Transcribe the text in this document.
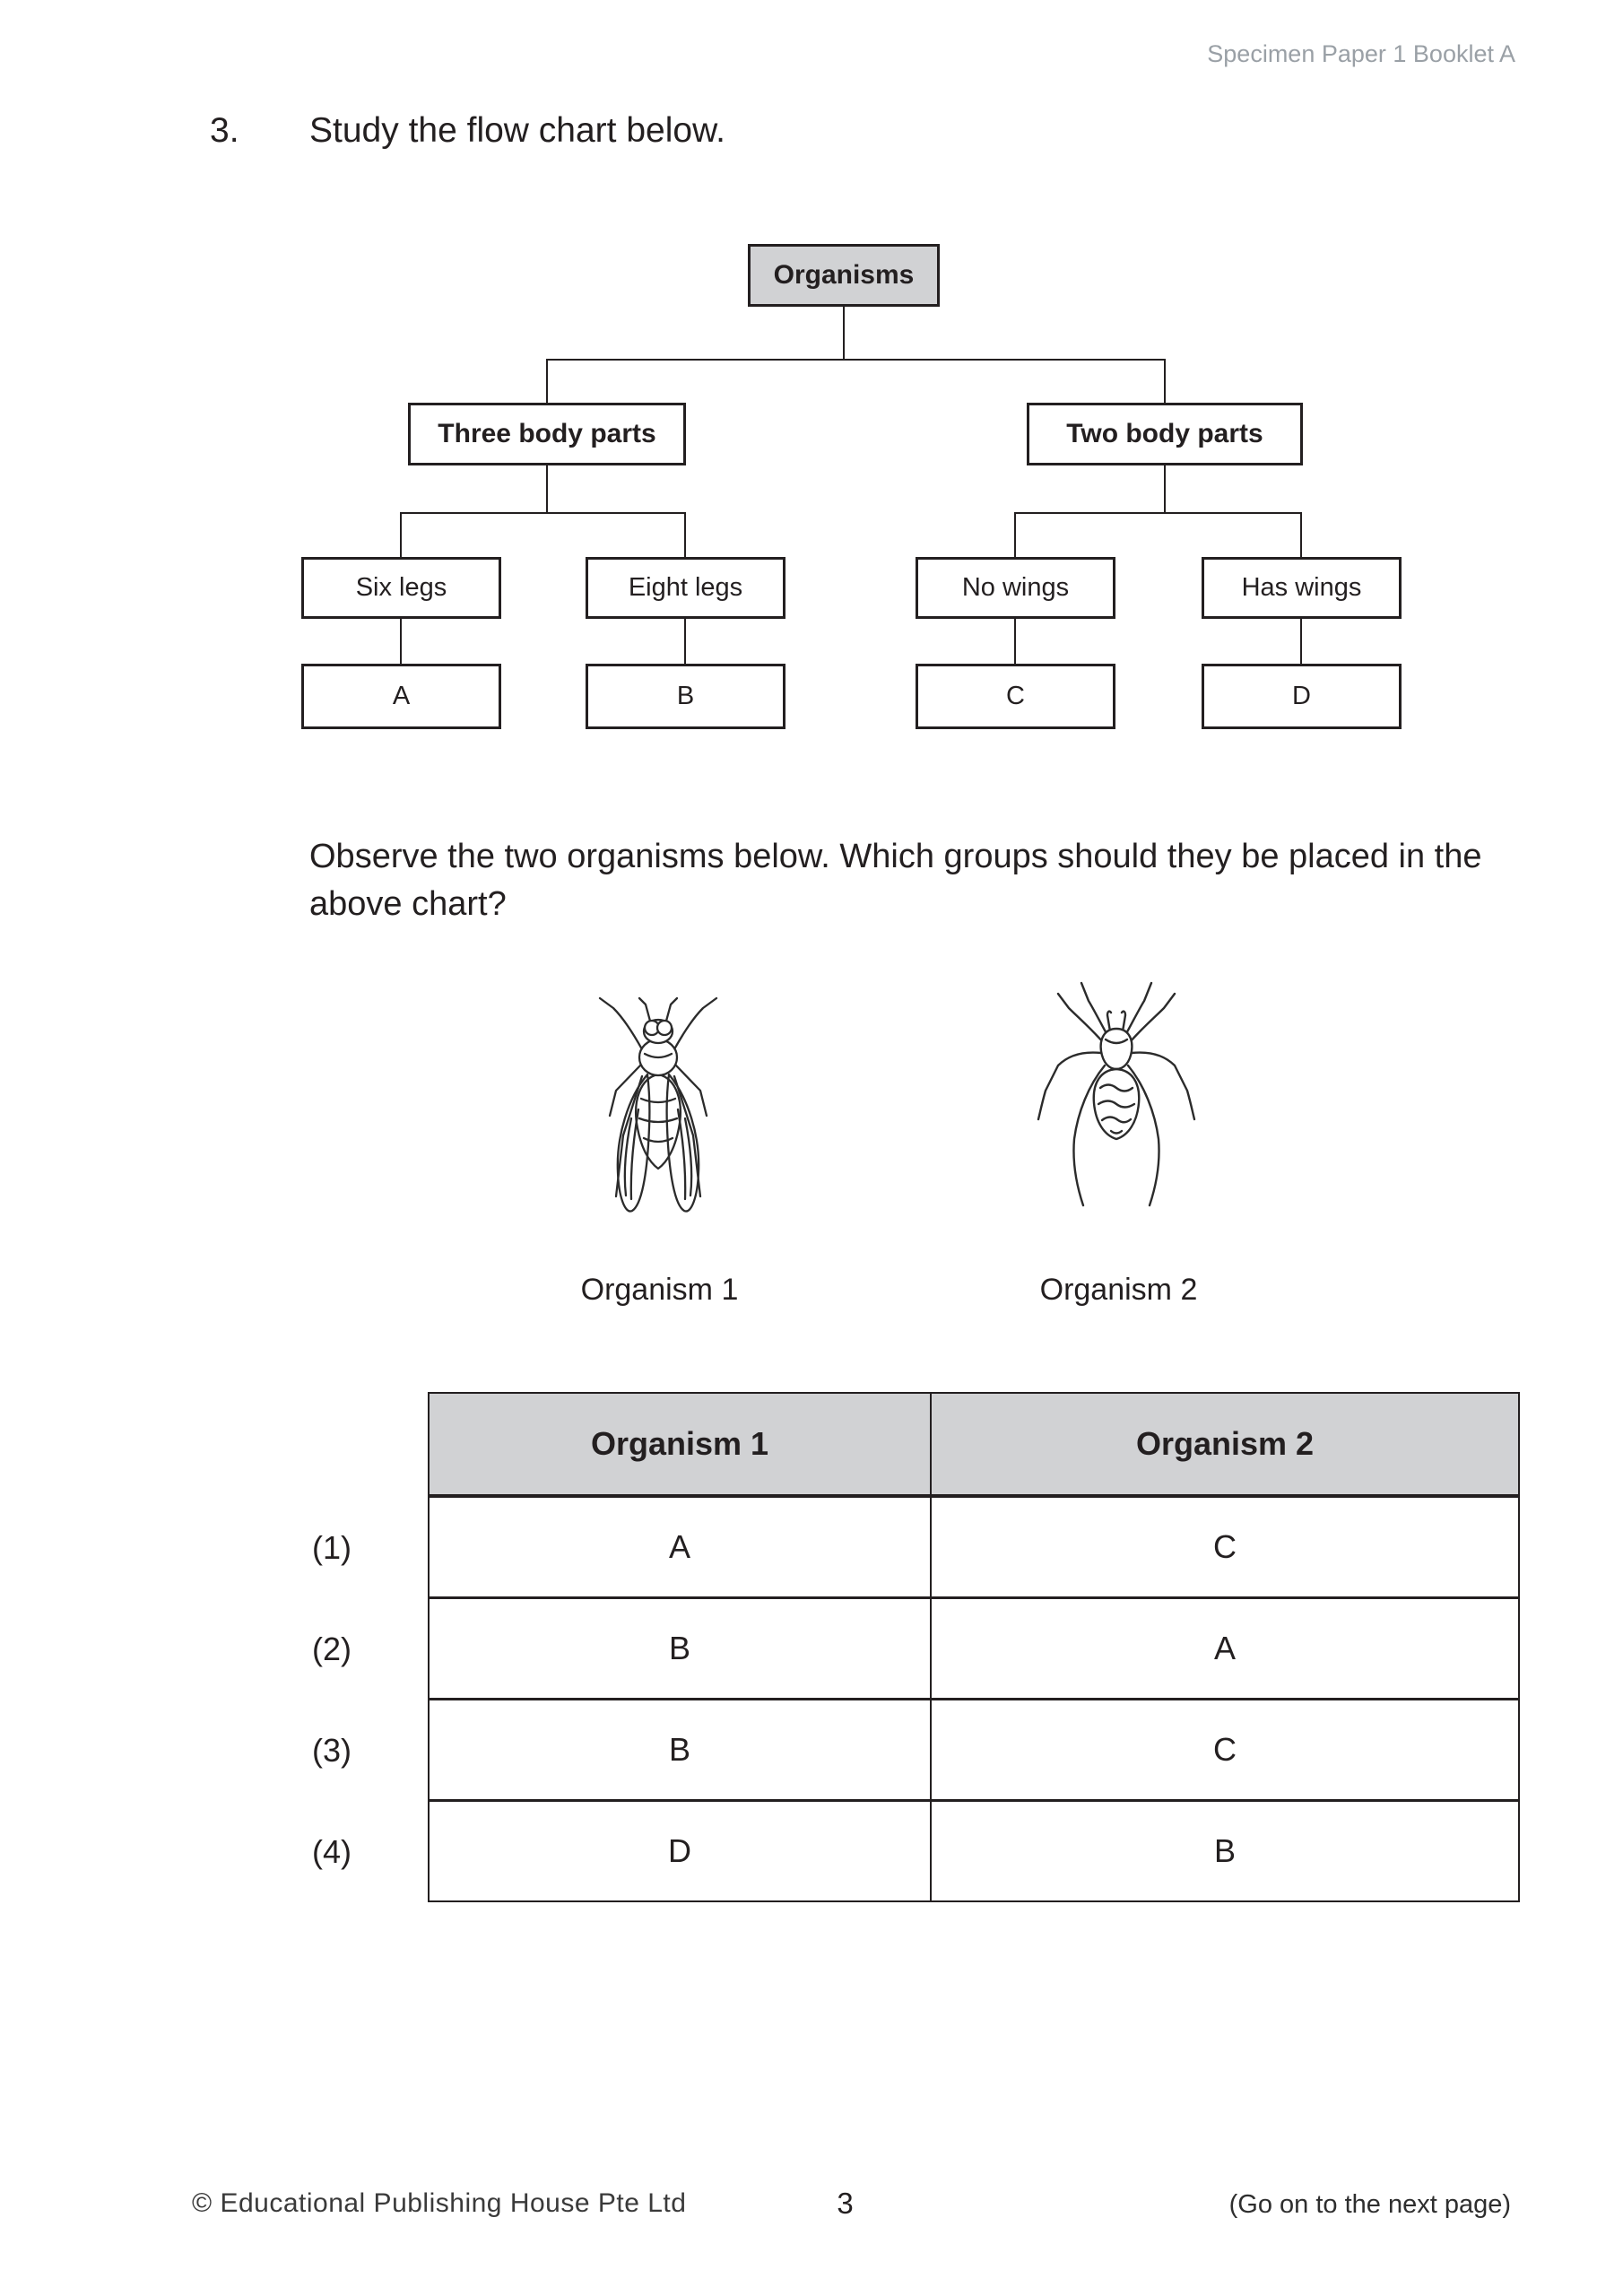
Specimen Paper 1 Booklet A
3. Study the flow chart below.
Organisms
Three body parts	Two body parts
Six legs	Eight legs	No wings	Has wings
A	B	C	D
Observe the two organisms below. Which groups should they be placed in the
above chart?
Organism 1	Organism 2
Organism 1	Organism 2
A	C
B	A
B	C
D	B
(1)
(2)
(3)
(4)
© Educational Publishing House Pte Ltd	3	(Go on to the next page)
